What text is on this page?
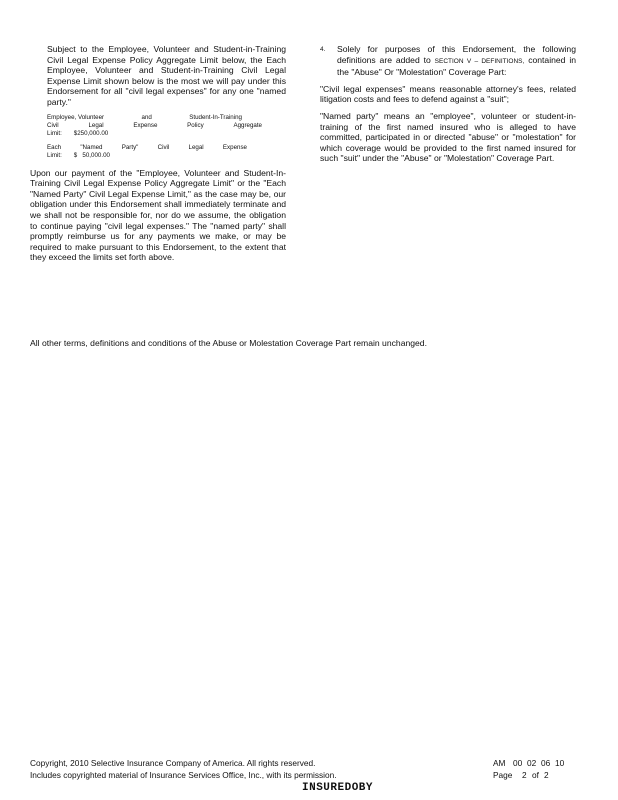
Subject to the Employee, Volunteer and Student-in-Training Civil Legal Expense Policy Aggregate Limit below, the Each Employee, Volunteer and Student-in-Training Civil Legal Expense Limit shown below is the most we will pay under this Endorsement for all "civil legal expenses" for any one "named party."
Employee, Volunteer	and	Student-In-Training
Civil	Legal	Expense	Policy	Aggregate
Limit: $250,000.00
Each	"Named	Party"	Civil	Legal	Expense
Limit: $ 50,000.00
Upon our payment of the "Employee, Volunteer and Student-In-Training Civil Legal Expense Policy Aggregate Limit" or the "Each "Named Party" Civil Legal Expense Limit," as the case may be, our obligation under this Endorsement shall immediately terminate and we shall not be responsible for, nor do we assume, the obligation to continue paying "civil legal expenses." The "named party" shall promptly reimburse us for any payments we make, or may be required to make pursuant to this Endorsement, to the extent that they exceed the limits set forth above.
4.	Solely for purposes of this Endorsement, the following definitions are added to SECTION V – DEFINITIONS, contained in the "Abuse" Or "Molestation" Coverage Part:
"Civil legal expenses" means reasonable attorney's fees, related litigation costs and fees to defend against a "suit";
"Named party" means an "employee", volunteer or student-in-training of the first named insured who is alleged to have committed, participated in or directed "abuse" or "molestation" for which coverage would be provided to the first named insured for such "suit" under the "Abuse" or "Molestation" Coverage Part.
All other terms, definitions and conditions of the Abuse or Molestation Coverage Part remain unchanged.
Copyright, 2010 Selective Insurance Company of America. All rights reserved.
Includes copyrighted material of Insurance Services Office, Inc., with its permission.
AM 00 02 06 10
Page	2 of 2
INSUREDOBY
